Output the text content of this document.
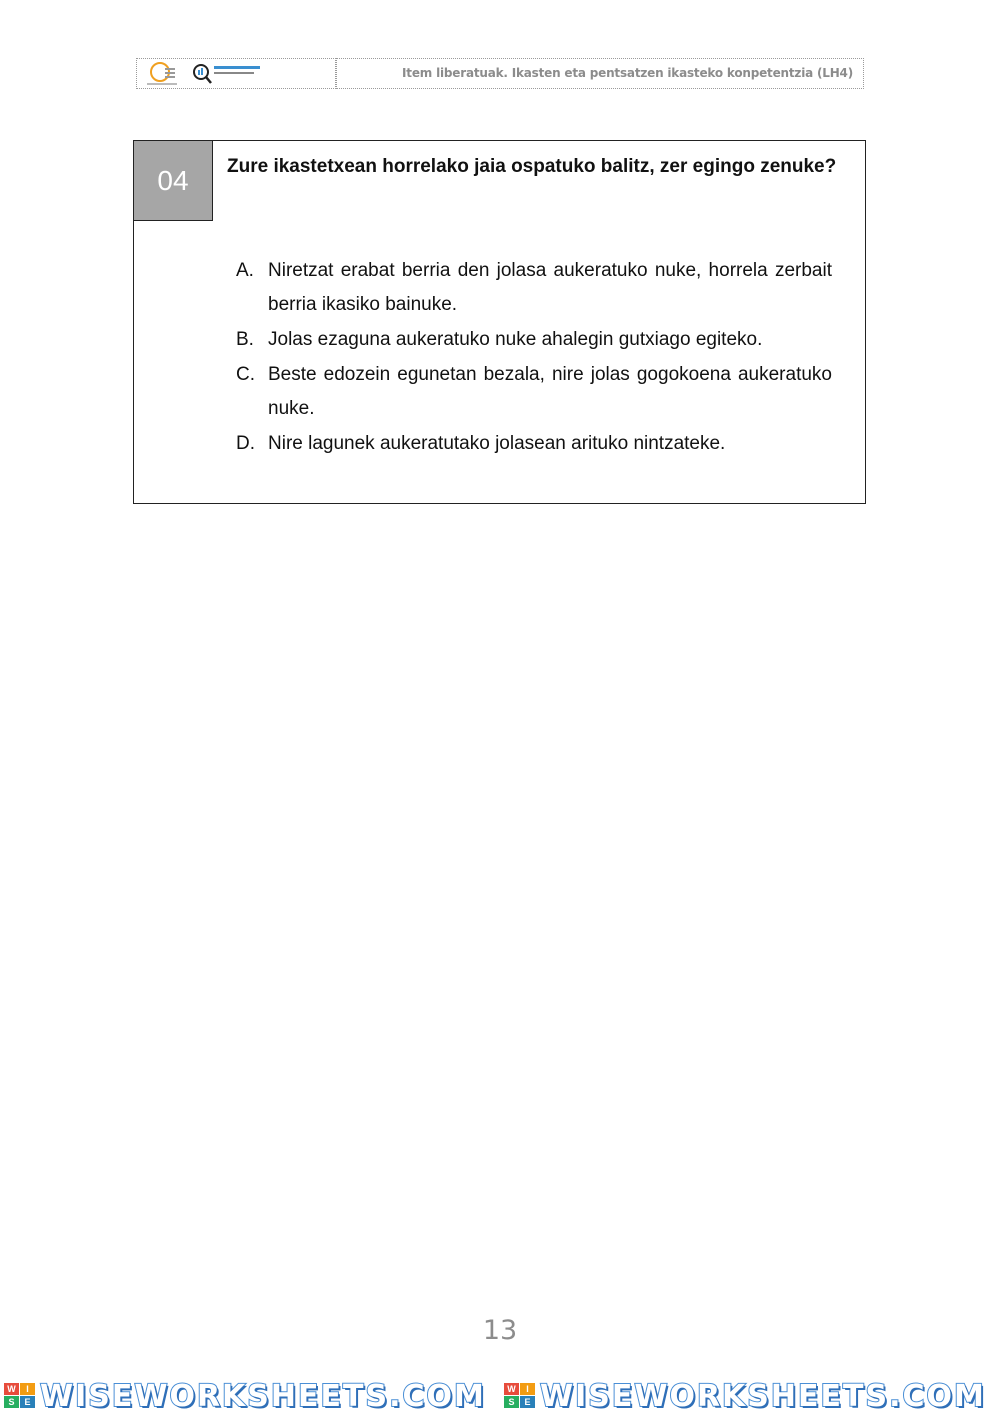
Item liberatuak. Ikasten eta pentsatzen ikasteko konpetentzia (LH4)
04	Zure ikastetxean horrelako jaia ospatuko balitz, zer egingo zenuke?
A. Niretzat erabat berria den jolasa aukeratuko nuke, horrela zerbait berria ikasiko bainuke.
B. Jolas ezaguna aukeratuko nuke ahalegin gutxiago egiteko.
C. Beste edozein egunetan bezala, nire jolas gogokoena aukeratuko nuke.
D. Nire lagunek aukeratutako jolasean arituko nintzateke.
13
W	I
S	E WISEWORKSHEETS.COM	W	I
S	E WISEWORKSHEETS.COM
